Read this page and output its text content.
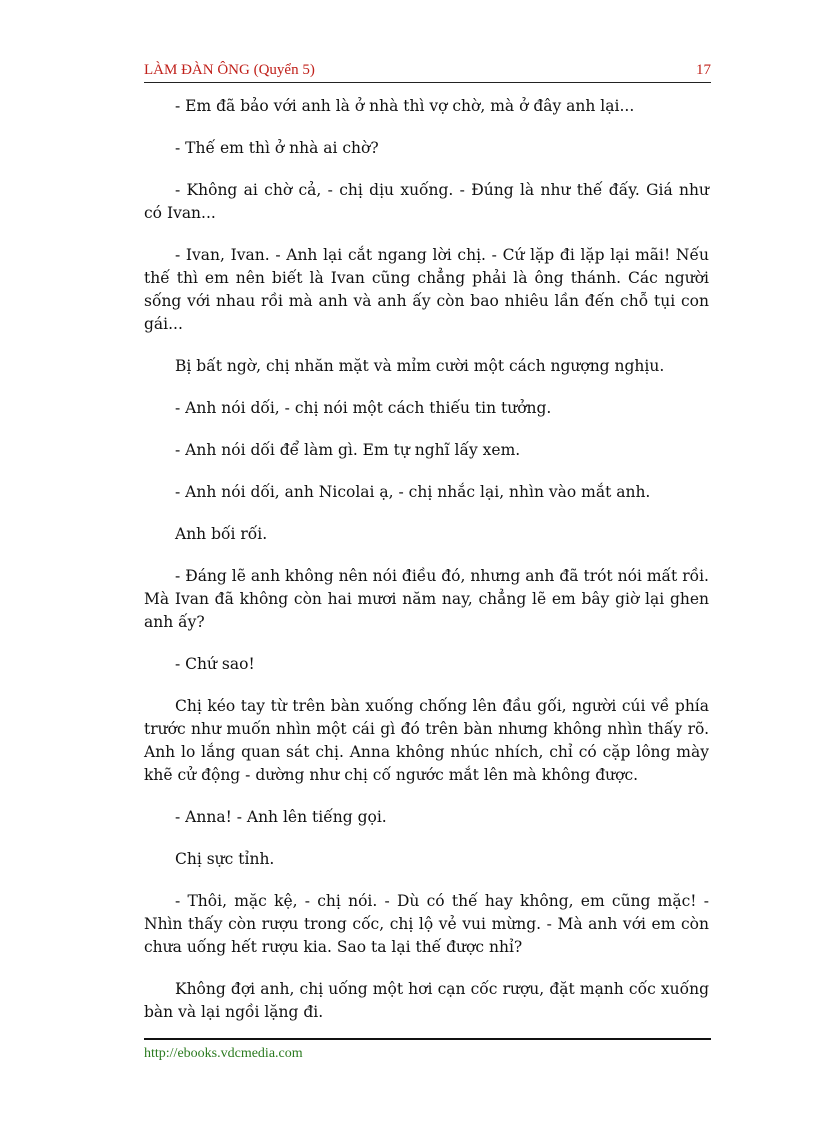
LÀM ĐÀN ÔNG (Quyển 5)	17

- Em đã bảo với anh là ở nhà thì vợ chờ, mà ở đây anh lại...

- Thế em thì ở nhà ai chờ?

- Không ai chờ cả, - chị dịu xuống. - Đúng là như thế đấy. Giá như có Ivan...

- Ivan, Ivan. - Anh lại cắt ngang lời chị. - Cứ lặp đi lặp lại mãi! Nếu thế thì em nên biết là Ivan cũng chẳng phải là ông thánh. Các người sống với nhau rồi mà anh và anh ấy còn bao nhiêu lần đến chỗ tụi con gái...

Bị bất ngờ, chị nhăn mặt và mỉm cười một cách ngượng nghịu.

- Anh nói dối, - chị nói một cách thiếu tin tưởng.

- Anh nói dối để làm gì. Em tự nghĩ lấy xem.

- Anh nói dối, anh Nicolai ạ, - chị nhắc lại, nhìn vào mắt anh.

Anh bối rối.

- Đáng lẽ anh không nên nói điều đó, nhưng anh đã trót nói mất rồi. Mà Ivan đã không còn hai mươi năm nay, chẳng lẽ em bây giờ lại ghen anh ấy?

- Chứ sao!

Chị kéo tay từ trên bàn xuống chống lên đầu gối, người cúi về phía trước như muốn nhìn một cái gì đó trên bàn nhưng không nhìn thấy rõ. Anh lo lắng quan sát chị. Anna không nhúc nhích, chỉ có cặp lông mày khẽ cử động - dường như chị cố ngước mắt lên mà không được.

- Anna! - Anh lên tiếng gọi.

Chị sực tỉnh.

- Thôi, mặc kệ, - chị nói. - Dù có thế hay không, em cũng mặc! - Nhìn thấy còn rượu trong cốc, chị lộ vẻ vui mừng. - Mà anh với em còn chưa uống hết rượu kia. Sao ta lại thế được nhỉ?

Không đợi anh, chị uống một hơi cạn cốc rượu, đặt mạnh cốc xuống bàn và lại ngồi lặng đi.

http://ebooks.vdcmedia.com
